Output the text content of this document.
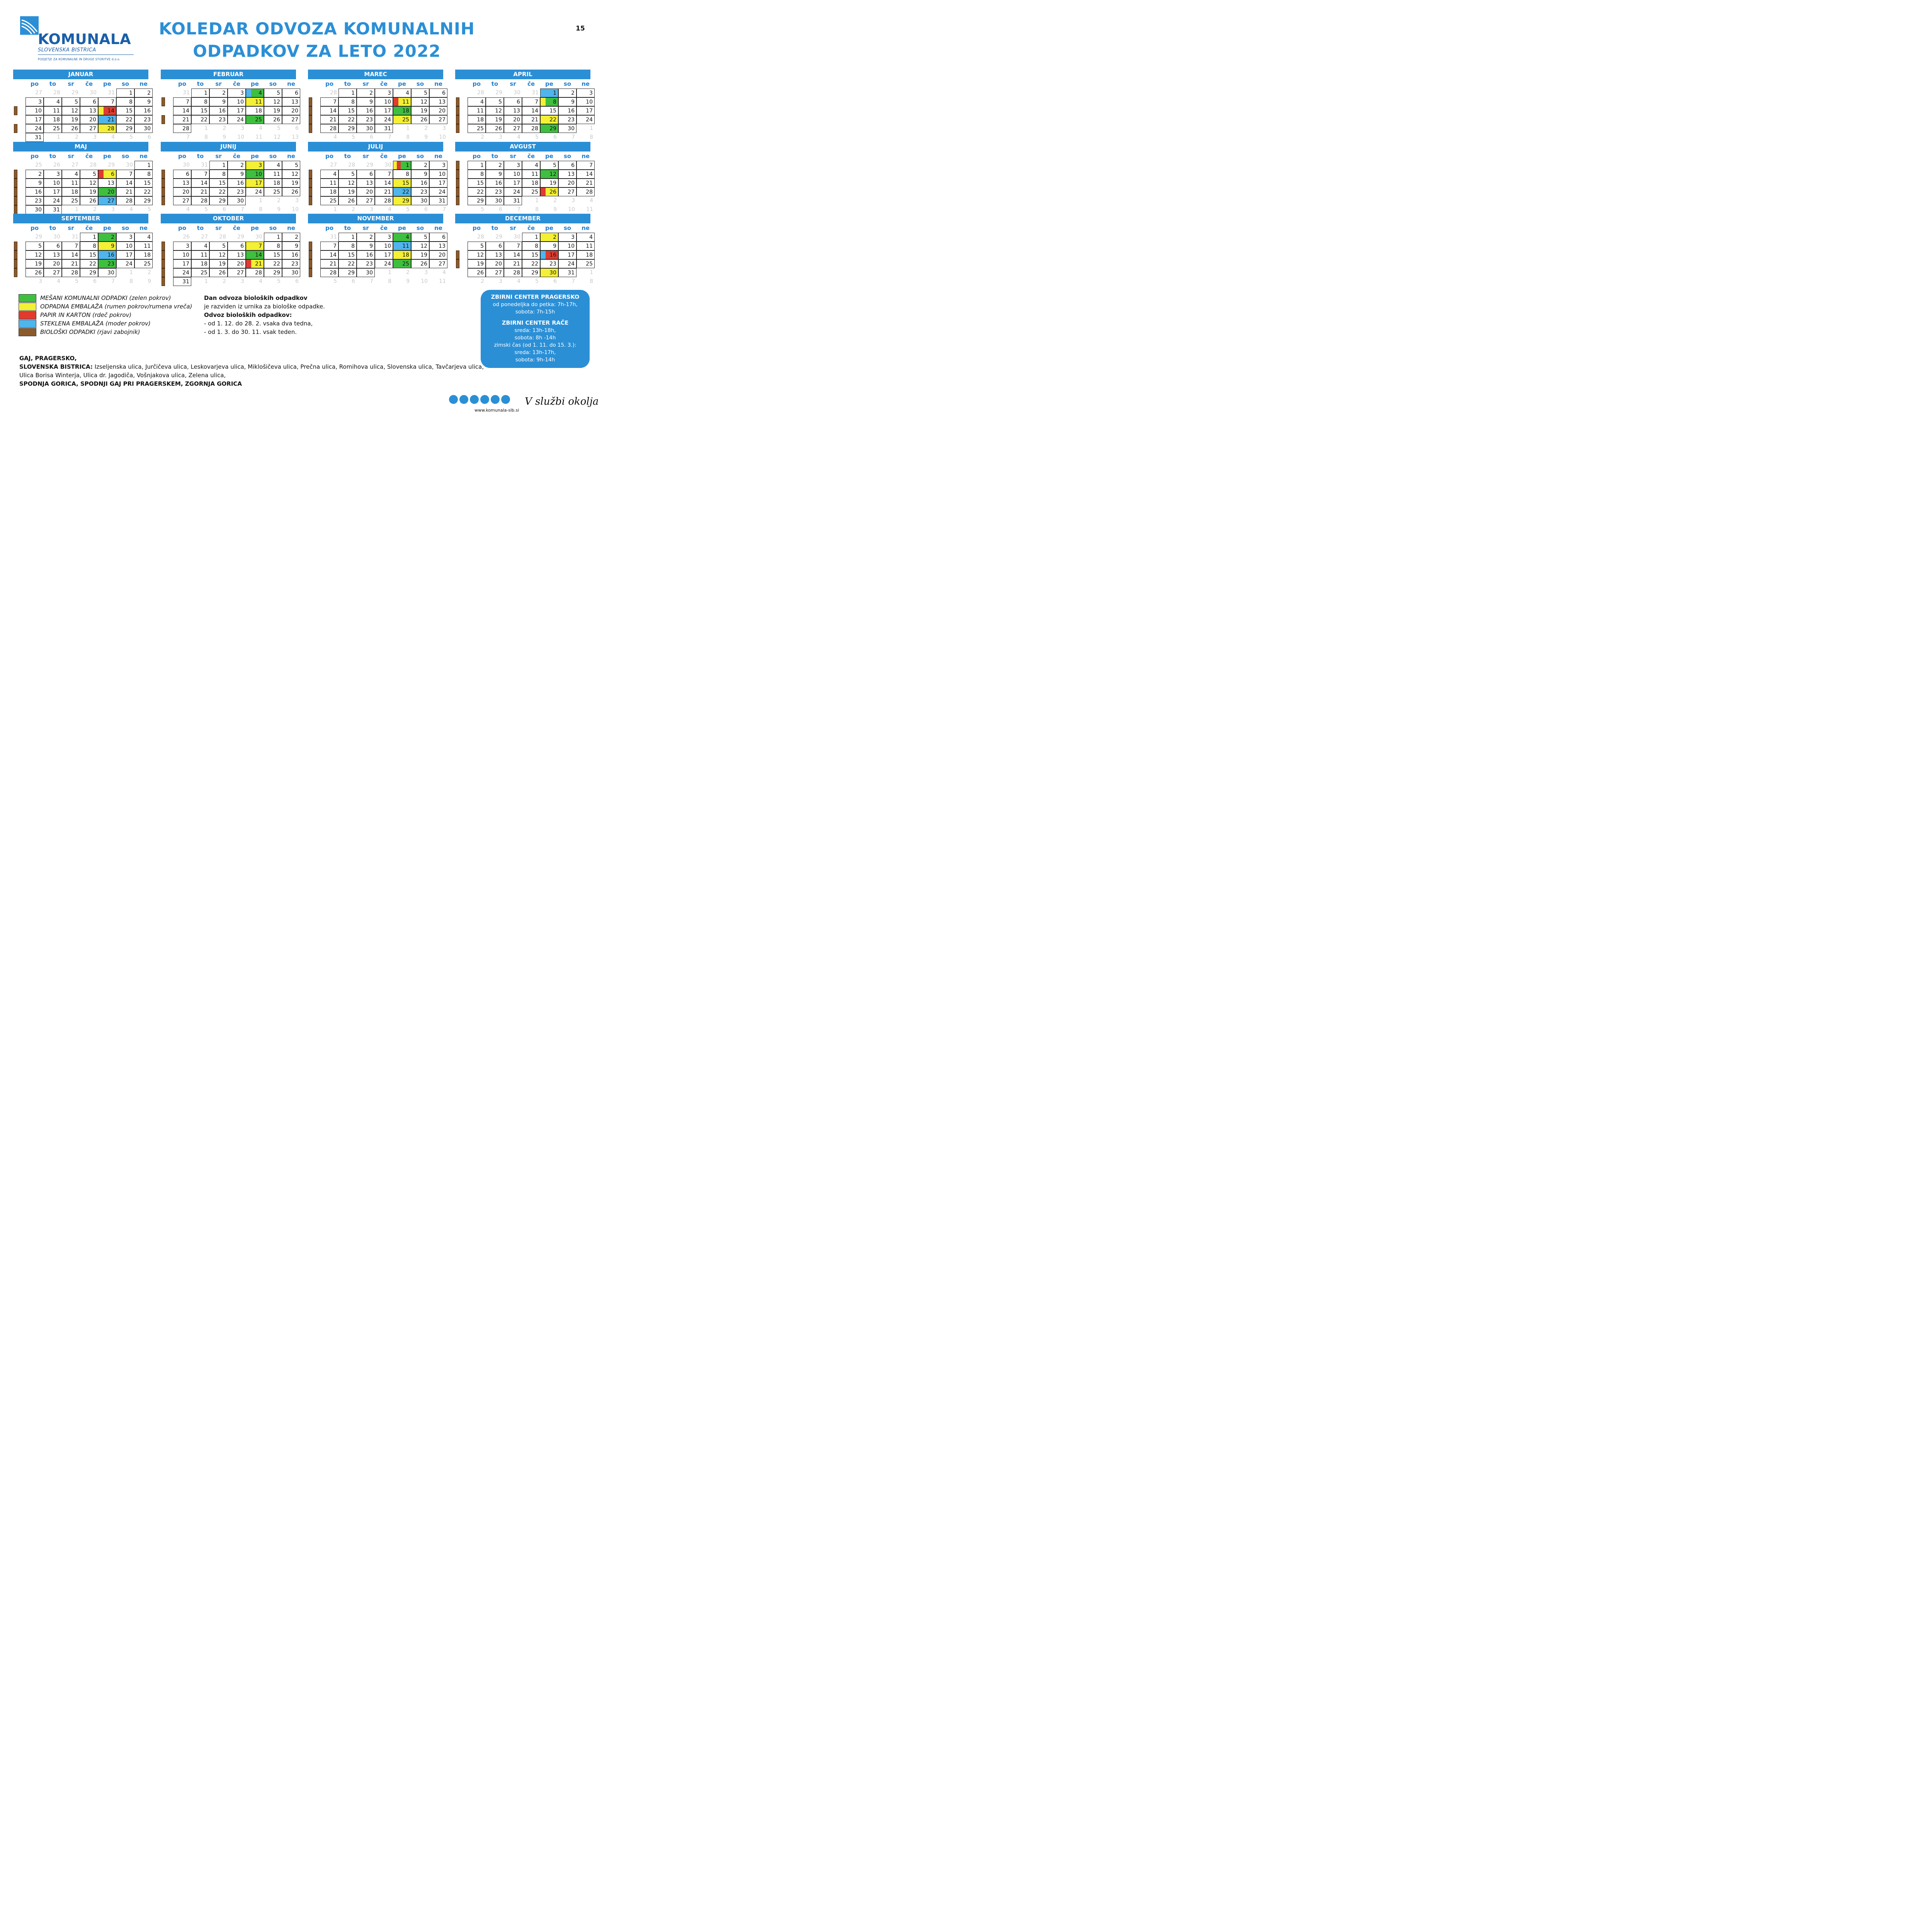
KOMUNALA
SLOVENSKA BISTRICA
PODJETJE ZA KOMUNALNE IN DRUGE STORITVE d.o.o.
KOLEDAR ODVOZA KOMUNALNIH
ODPADKOV ZA LETO 2022
15
JANUAR
po	to	sr	če	pe	so	ne
27	28	29	30	31	1	2
3	4	5	6	7	8	9
10	11	12	13	14	15	16
17	18	19	20	21	22	23
24	25	26	27	28	29	30
31	1	2	3	4	5	6
FEBRUAR
po	to	sr	če	pe	so	ne
31	1	2	3	4	5	6
7	8	9	10	11	12	13
14	15	16	17	18	19	20
21	22	23	24	25	26	27
28	1	2	3	4	5	6
7	8	9	10	11	12	13
MAREC
po	to	sr	če	pe	so	ne
28	1	2	3	4	5	6
7	8	9	10	11	12	13
14	15	16	17	18	19	20
21	22	23	24	25	26	27
28	29	30	31	1	2	3
4	5	6	7	8	9	10
APRIL
po	to	sr	če	pe	so	ne
28	29	30	31	1	2	3
4	5	6	7	8	9	10
11	12	13	14	15	16	17
18	19	20	21	22	23	24
25	26	27	28	29	30	1
2	3	4	5	6	7	8
MAJ
po	to	sr	če	pe	so	ne
25	26	27	28	29	30	1
2	3	4	5	6	7	8
9	10	11	12	13	14	15
16	17	18	19	20	21	22
23	24	25	26	27	28	29
30	31	1	2	3	4	5
JUNIJ
po	to	sr	če	pe	so	ne
30	31	1	2	3	4	5
6	7	8	9	10	11	12
13	14	15	16	17	18	19
20	21	22	23	24	25	26
27	28	29	30	1	2	3
4	5	6	7	8	9	10
JULIJ
po	to	sr	če	pe	so	ne
27	28	29	30	1	2	3
4	5	6	7	8	9	10
11	12	13	14	15	16	17
18	19	20	21	22	23	24
25	26	27	28	29	30	31
1	2	3	4	5	6	7
AVGUST
po	to	sr	če	pe	so	ne
1	2	3	4	5	6	7
8	9	10	11	12	13	14
15	16	17	18	19	20	21
22	23	24	25	26	27	28
29	30	31	1	2	3	4
5	6	7	8	9	10	11
SEPTEMBER
po	to	sr	če	pe	so	ne
29	30	31	1	2	3	4
5	6	7	8	9	10	11
12	13	14	15	16	17	18
19	20	21	22	23	24	25
26	27	28	29	30	1	2
3	4	5	6	7	8	9
OKTOBER
po	to	sr	če	pe	so	ne
26	27	28	29	30	1	2
3	4	5	6	7	8	9
10	11	12	13	14	15	16
17	18	19	20	21	22	23
24	25	26	27	28	29	30
31	1	2	3	4	5	6
NOVEMBER
po	to	sr	če	pe	so	ne
31	1	2	3	4	5	6
7	8	9	10	11	12	13
14	15	16	17	18	19	20
21	22	23	24	25	26	27
28	29	30	1	2	3	4
5	6	7	8	9	10	11
DECEMBER
po	to	sr	če	pe	so	ne
28	29	30	1	2	3	4
5	6	7	8	9	10	11
12	13	14	15	16	17	18
19	20	21	22	23	24	25
26	27	28	29	30	31	1
2	3	4	5	6	7	8
MEŠANI KOMUNALNI ODPADKI (zelen pokrov)
ODPADNA EMBALAŽA (rumen pokrov/rumena vreča)
PAPIR IN KARTON (rdeč pokrov)
STEKLENA EMBALAŽA (moder pokrov)
BIOLOŠKI ODPADKI (rjavi zabojnik)
Dan odvoza bioloških odpadkov
je razviden iz urnika za biološke odpadke.
Odvoz bioloških odpadkov:
- od 1. 12. do 28. 2. vsaka dva tedna,
- od 1. 3. do 30. 11. vsak teden.
ZBIRNI CENTER PRAGERSKO
od ponedeljka do petka: 7h-17h,
sobota: 7h-15h
ZBIRNI CENTER RAČE
sreda: 13h-18h,
sobota: 8h -14h
zimski čas (od 1. 11. do 15. 3.):
sreda: 13h-17h,
sobota: 9h-14h
GAJ, PRAGERSKO,
SLOVENSKA BISTRICA: Izseljenska ulica, Jurčičeva ulica, Leskovarjeva ulica, Miklošičeva ulica, Prečna ulica, Romihova ulica, Slovenska ulica, Tavčarjeva ulica,
Ulica Borisa Winterja, Ulica dr. Jagodiča, Vošnjakova ulica, Zelena ulica,
SPODNJA GORICA, SPODNJI GAJ PRI PRAGERSKEM, ZGORNJA GORICA
www.komunala-slb.si
V službi okolja
